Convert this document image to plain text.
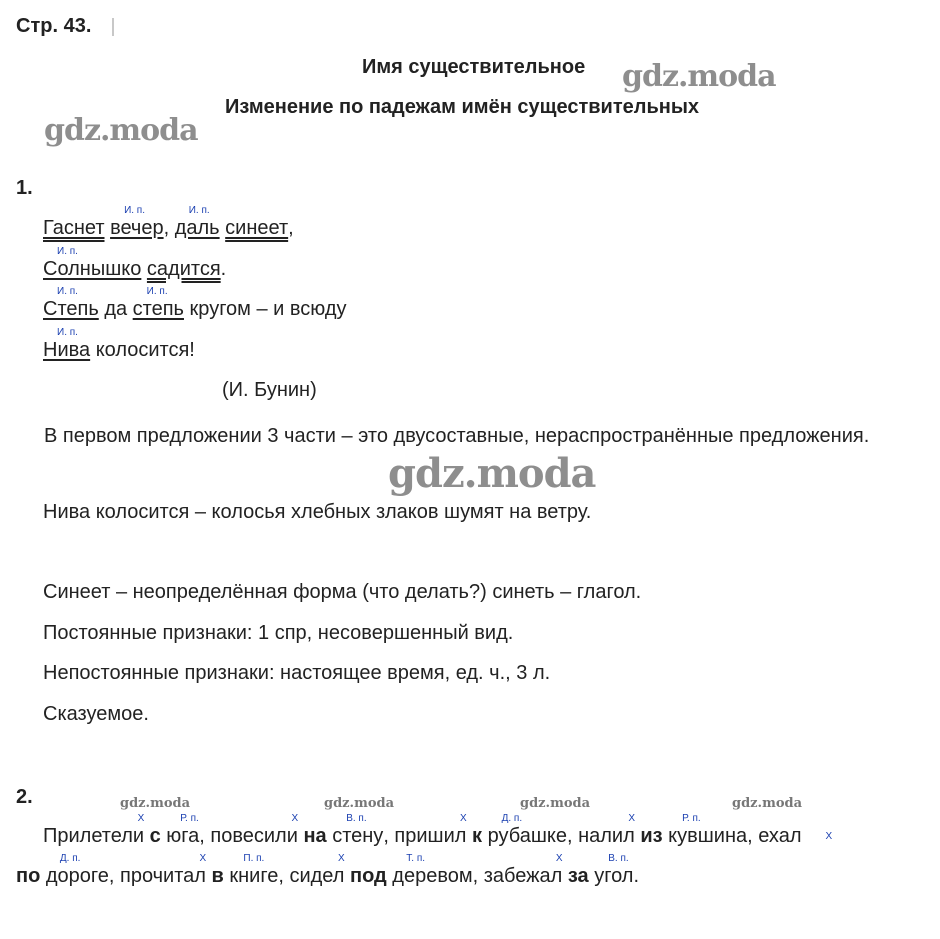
Стр. 43.
Имя существительное
Изменение по падежам имён существительных
gdz.moda
gdz.moda
gdz.moda
gdz.moda	gdz.moda	gdz.moda	gdz.moda
1.
Гаснет вечер
И. п.
, даль
И. п.
синеет,
Солнышко
И. п.
садится.
Степь
И. п.
да степь
И. п.
кругом – и всюду
Нива
И. п.
колосится!
(И. Бунин)
В первом предложении 3 части – это двусоставные, нераспространённые предложения.
Нива колосится – колосья хлебных злаков шумят на ветру.
Синеет – неопределённая форма (что делать?) синеть – глагол.
Постоянные признаки: 1 спр, несовершенный вид.
Непостоянные признаки: настоящее время, ед. ч., 3 л.
Сказуемое.
2.
Прилетели с
X
юга
Р. п.
, повесили на
X
стену
В. п.
, пришил к
X
рубашке
Д. п.
, налил из
X
кувшина
Р. п.
, ехал X
по дороге
Д. п.
, прочитал в
X
книге
П. п.
, сидел под
X
деревом
Т. п.
, забежал за
X
угол
В. п.
.
